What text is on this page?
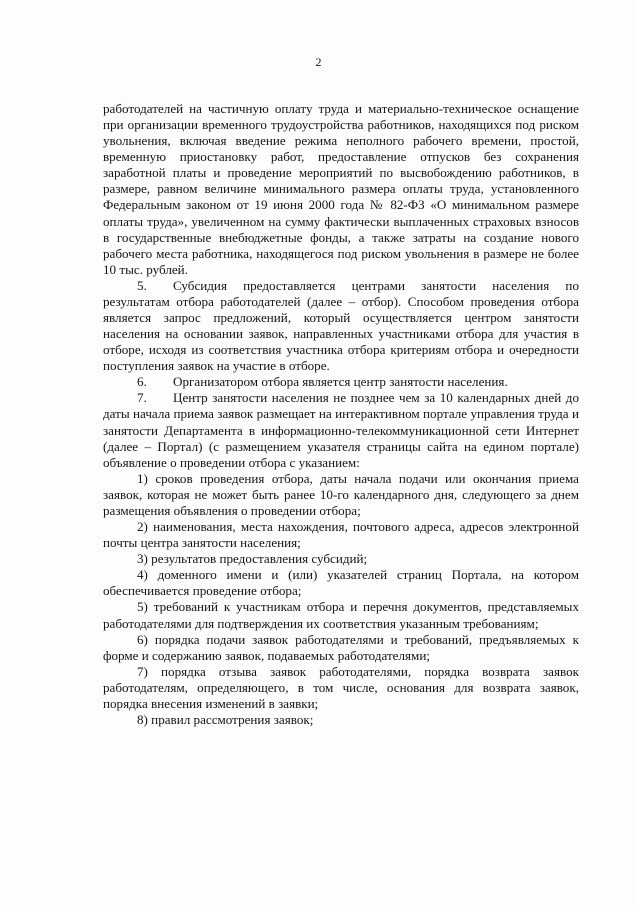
2

работодателей на частичную оплату труда и материально-техническое оснащение при организации временного трудоустройства работников, находящихся под риском увольнения, включая введение режима неполного рабочего времени, простой, временную приостановку работ, предоставление отпусков без сохранения заработной платы и проведение мероприятий по высвобождению работников, в размере, равном величине минимального размера оплаты труда, установленного Федеральным законом от 19 июня 2000 года № 82-ФЗ «О минимальном размере оплаты труда», увеличенном на сумму фактически выплаченных страховых взносов в государственные внебюджетные фонды, а также затраты на создание нового рабочего места работника, находящегося под риском увольнения в размере не более 10 тыс. рублей.

5.  Субсидия предоставляется центрами занятости населения по результатам отбора работодателей (далее – отбор). Способом проведения отбора является запрос предложений, который осуществляется центром занятости населения на основании заявок, направленных участниками отбора для участия в отборе, исходя из соответствия участника отбора критериям отбора и очередности поступления заявок на участие в отборе.

6.  Организатором отбора является центр занятости населения.

7.  Центр занятости населения не позднее чем за 10 календарных дней до даты начала приема заявок размещает на интерактивном портале управления труда и занятости Департамента в информационно-телекоммуникационной сети Интернет (далее – Портал) (с размещением указателя страницы сайта на едином портале) объявление о проведении отбора с указанием:

1) сроков проведения отбора, даты начала подачи или окончания приема заявок, которая не может быть ранее 10-го календарного дня, следующего за днем размещения объявления о проведении отбора;

2) наименования, места нахождения, почтового адреса, адресов электронной почты центра занятости населения;

3) результатов предоставления субсидий;

4) доменного имени и (или) указателей страниц Портала, на котором обеспечивается проведение отбора;

5) требований к участникам отбора и перечня документов, представляемых работодателями для подтверждения их соответствия указанным требованиям;

6) порядка подачи заявок работодателями и требований, предъявляемых к форме и содержанию заявок, подаваемых работодателями;

7) порядка отзыва заявок работодателями, порядка возврата заявок работодателям, определяющего, в том числе, основания для возврата заявок, порядка внесения изменений в заявки;

8) правил рассмотрения заявок;
